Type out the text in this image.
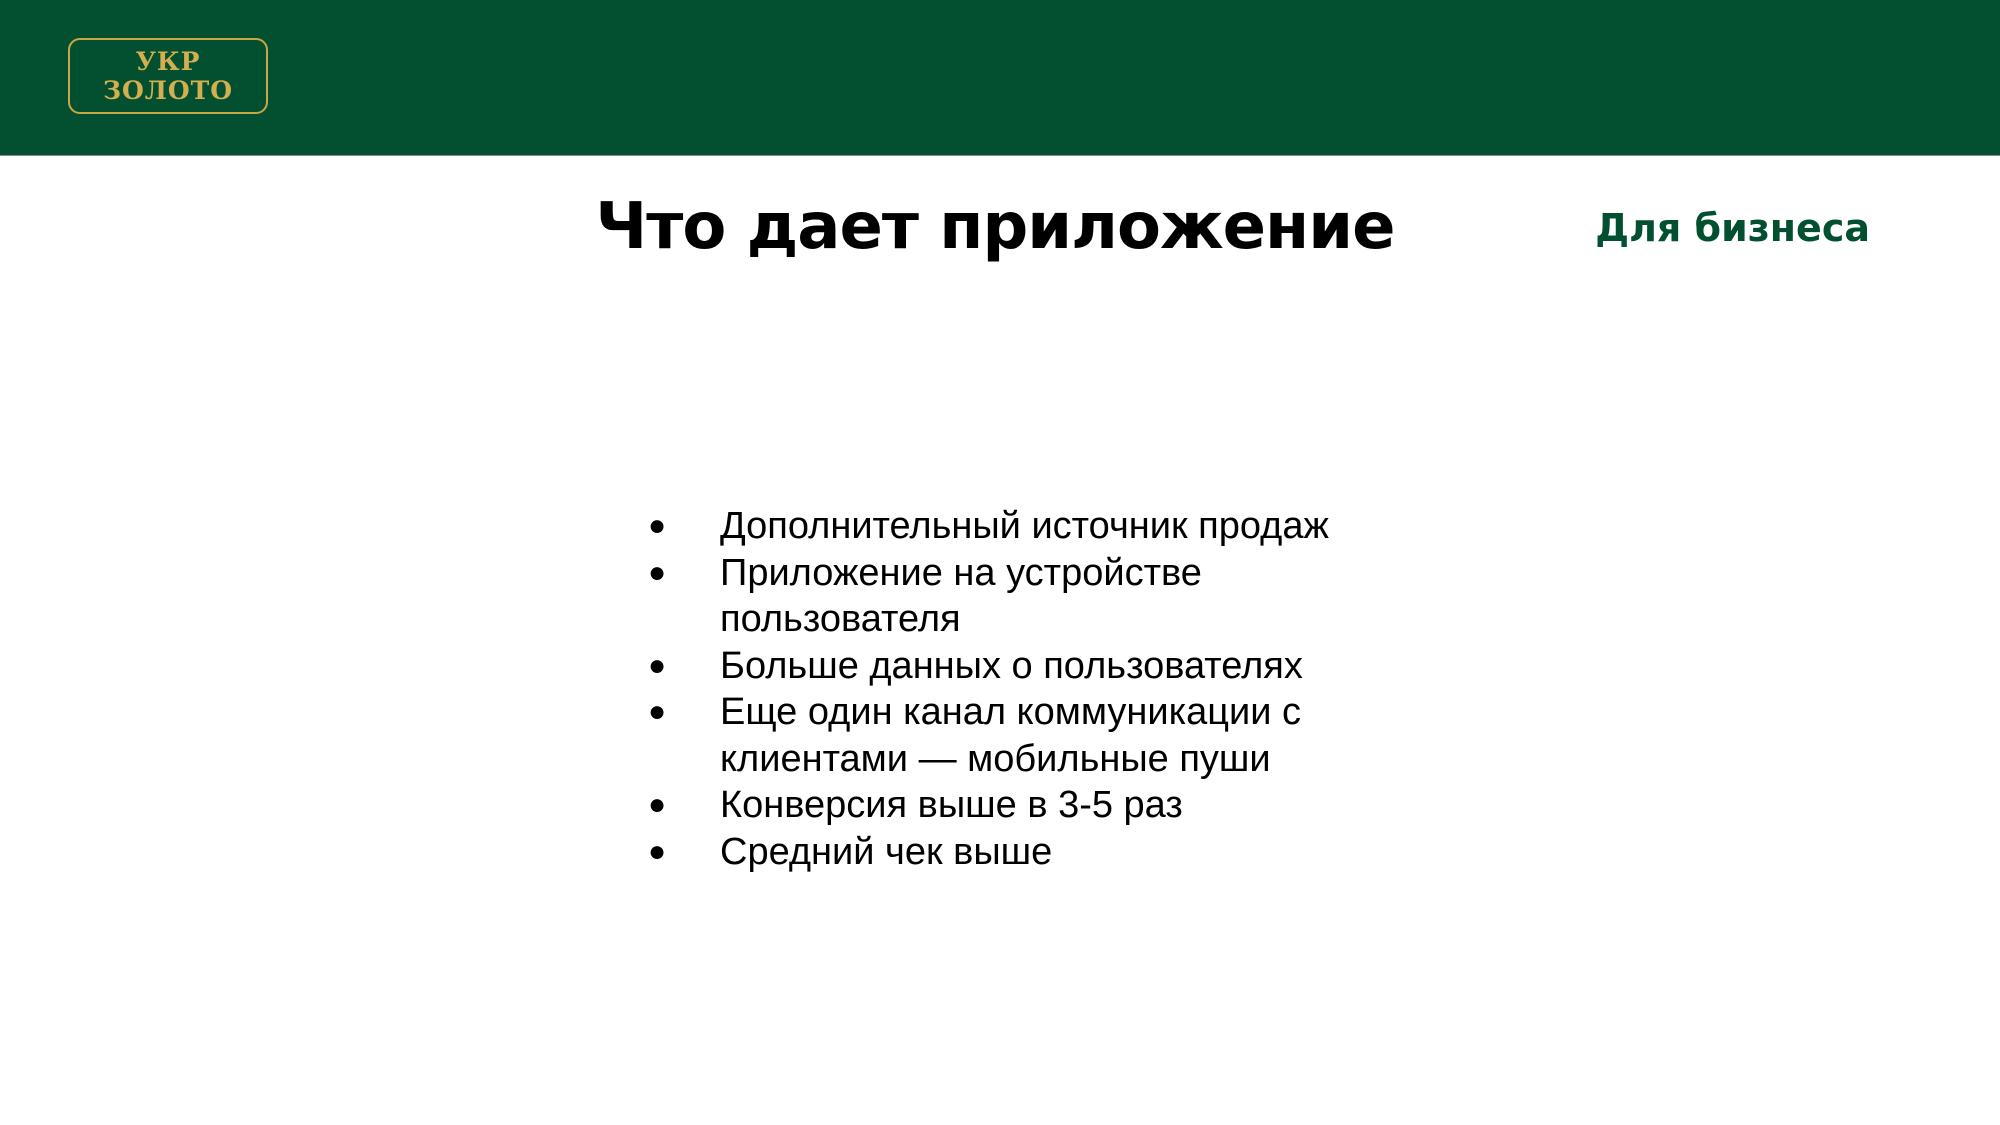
УКР
ЗОЛОТО
Что дает приложение	Для бизнеса
● Дополнительный источник продаж
● Приложение на устройстве пользователя
● Больше данных о пользователях
● Еще один канал коммуникации с клиентами — мобильные пуши
● Конверсия выше в 3-5 раз
● Средний чек выше
